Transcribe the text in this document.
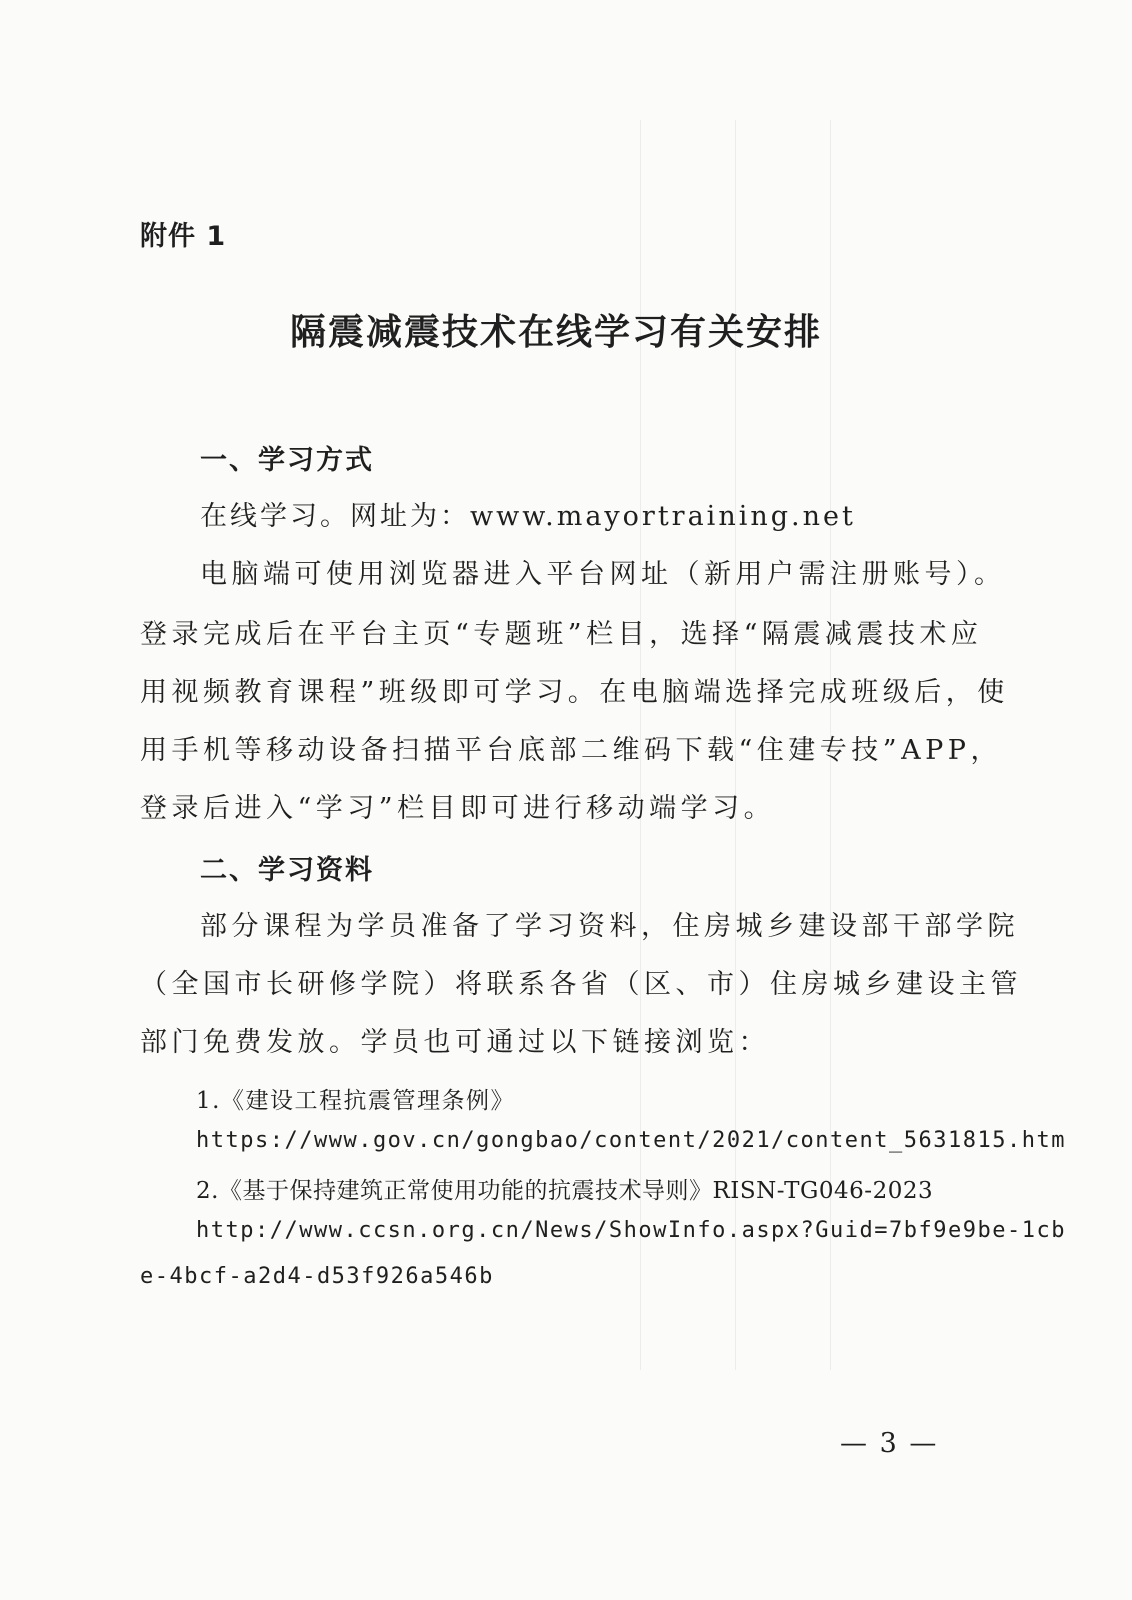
附件 1
隔震减震技术在线学习有关安排
一、学习方式
在线学习。网址为：www.mayortraining.net
电脑端可使用浏览器进入平台网址（新用户需注册账号）。
登录完成后在平台主页“专题班”栏目，选择“隔震减震技术应
用视频教育课程”班级即可学习。在电脑端选择完成班级后，使
用手机等移动设备扫描平台底部二维码下载“住建专技”APP，
登录后进入“学习”栏目即可进行移动端学习。
二、学习资料
部分课程为学员准备了学习资料，住房城乡建设部干部学院
（全国市长研修学院）将联系各省（区、市）住房城乡建设主管
部门免费发放。学员也可通过以下链接浏览：
1.《建设工程抗震管理条例》
https://www.gov.cn/gongbao/content/2021/content_5631815.htm
2.《基于保持建筑正常使用功能的抗震技术导则》RISN-TG046-2023
http://www.ccsn.org.cn/News/ShowInfo.aspx?Guid=7bf9e9be-1cb
e-4bcf-a2d4-d53f926a546b
— 3 —
